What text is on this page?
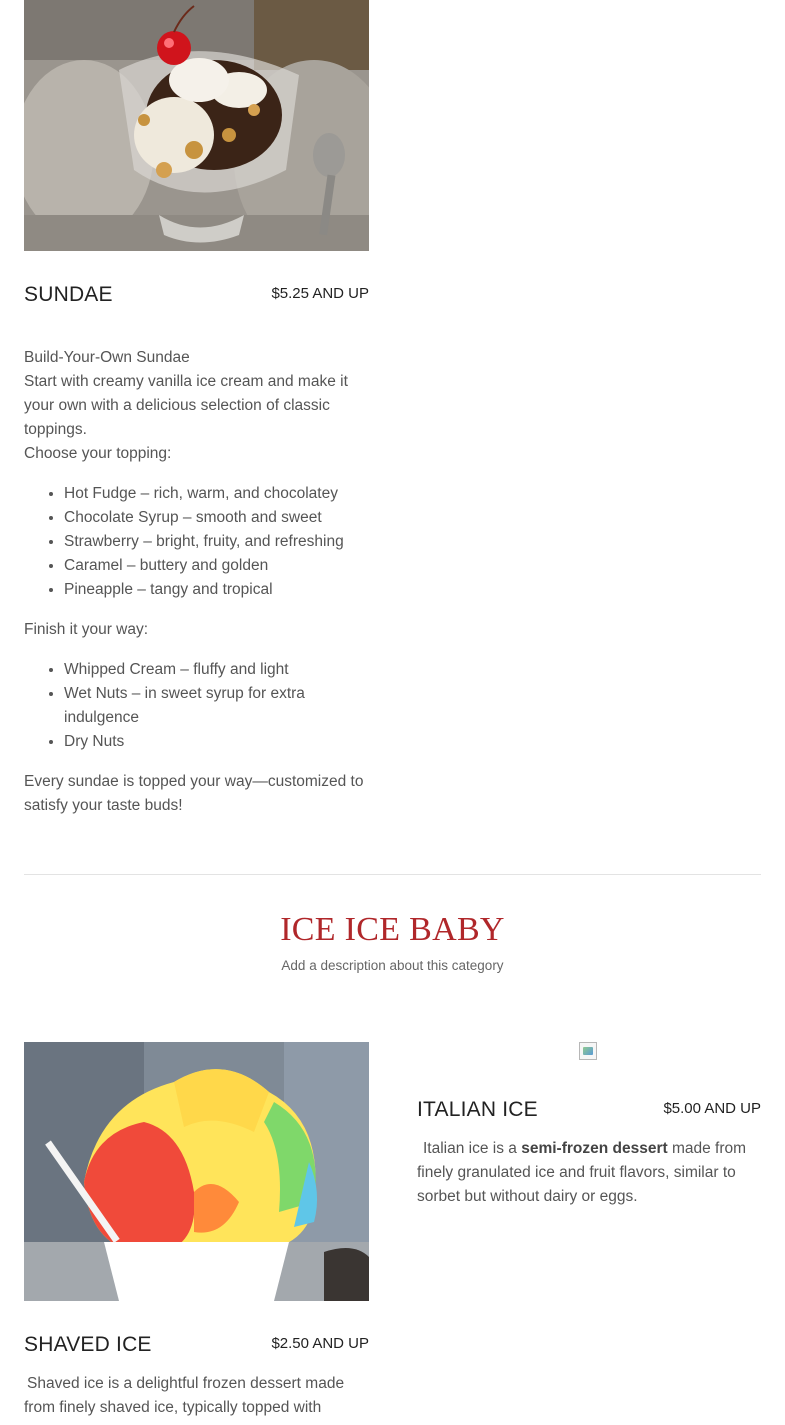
SUNDAE	$5.25 AND UP

Build-Your-Own Sundae

Start with creamy vanilla ice cream and make it your own with a delicious selection of classic toppings.

Choose your topping:

• Hot Fudge – rich, warm, and chocolatey
• Chocolate Syrup – smooth and sweet
• Strawberry – bright, fruity, and refreshing
• Caramel – buttery and golden
• Pineapple – tangy and tropical

Finish it your way:

• Whipped Cream – fluffy and light
• Wet Nuts – in sweet syrup for extra indulgence
• Dry Nuts

Every sundae is topped your way—customized to satisfy your taste buds!

ICE ICE BABY
Add a description about this category
SHAVED ICE	$2.50 AND UP
Shaved ice is a delightful frozen dessert made from finely shaved ice, typically topped with
ITALIAN ICE	$5.00 AND UP
Italian ice is a semi-frozen dessert made from finely granulated ice and fruit flavors, similar to sorbet but without dairy or eggs.
